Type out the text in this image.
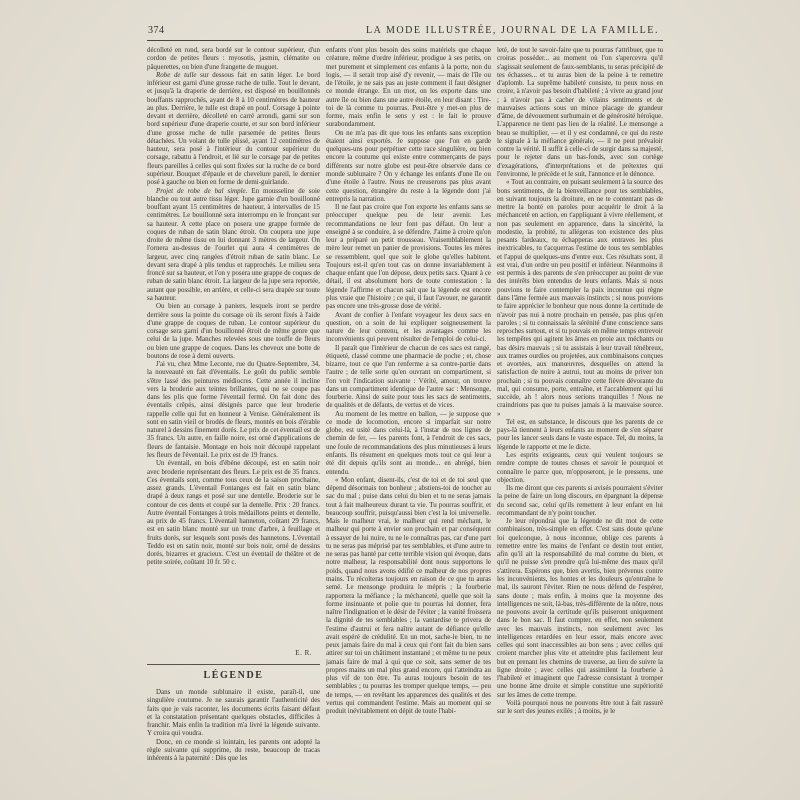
374	LA MODE ILLUSTRÉE, JOURNAL DE LA FAMILLE.

décolleté en rond, sera bordé sur le contour supérieur, d'un cordon de petites fleurs : myosotis, jasmin, clématite ou pâquerettes, ou bien d'une frangette de muguet.

Robe de tulle sur dessous fait en satin léger. Le bord inférieur est garni d'une grosse ruche de tulle. Tout le devant, et jusqu'à la draperie de derrière, est disposé en bouillonnés bouffants rapprochés, ayant de 8 à 10 centimètres de hauteur au plus. Derrière, le tulle est drapé en pouf. Corsage à pointe devant et derrière, décolleté en carré arrondi, garni sur son bord supérieur d'une draperie courte, et sur son bord inférieur d'une grosse ruche de tulle parsemée de petites fleurs détachées. Un volant de tulle plissé, ayant 12 centimètres de hauteur, sera posé à l'intérieur du contour supérieur du corsage, rabattu à l'endroit, et lié sur le corsage par de petites fleurs pareilles à celles qui sont fixées sur la ruche de ce bord supérieur. Bouquet d'épaule et de chevelure pareil, le dernier posé à gauche ou bien en forme de demi-guirlande.

Projet de robe de bal simple. En mousseline de soie blanche ou tout autre tissu léger. Jupe garnie d'un bouillonné bouffant ayant 15 centimètres de hauteur, à intervalles de 15 centimètres. Le bouillonné sera interrompu en le fronçant sur sa hauteur. A cette place on posera une grappe formée de coques de ruban de satin blanc étroit. On coupera une jupe droite de même tissu en lui donnant 3 mètres de largeur. On l'ornera au-dessus de l'ourlet qui aura 4 centimètres de largeur, avec cinq rangées d'étroit ruban de satin blanc. Le devant sera drapé à plis tendus et rapprochés. Le milieu sera froncé sur sa hauteur, et l'on y posera une grappe de coques de ruban de satin blanc étroit. La largeur de la jupe sera reportée, autant que possible, en arrière, et celle-ci sera drapée sur toute sa hauteur.

Ou bien au corsage à paniers, lesquels iront se perdre derrière sous la pointe du corsage où ils seront fixés à l'aide d'une grappe de coques de ruban. Le contour supérieur du corsage sera garni d'un bouillonné étroit de même genre que celui de la jupe. Manches relevées sous une touffe de fleurs ou bien une grappe de coques. Dans les cheveux une botte de boutons de rose à demi ouverts.

J'ai vu, chez Mme Leconte, rue du Quatre-Septembre, 34, la nouveauté en fait d'éventails. Le goût du public semble s'être lassé des peintures médiocres. Cette année il incline vers la broderie aux teintes brillantes, qui ne se coupe pas dans les plis que forme l'éventail fermé. On fait donc des éventails crêpés, ainsi désignés parce que leur broderie rappelle celle qui fut en honneur à Venise. Généralement ils sont en satin vieil or brodés de fleurs, montés en bois d'érable naturel à dessins finement dorés. Le prix de cet éventail est de 35 francs. Un autre, en faille noire, est orné d'applications de fleurs de fantaisie. Montage en bois noir découpé rappelant les fleurs de l'éventail. Le prix est de 19 francs.

Un éventail, en bois d'ébène découpé, est en satin noir avec broderie représentant des fleurs. Le prix est de 35 francs. Ces éventails sont, comme tous ceux de la saison prochaine, assez grands. L'éventail Fontanges est fait en satin blanc drapé à deux rangs et posé sur une dentelle. Broderie sur le contour de ces dents et coupé sur la dentelle. Prix : 20 francs. Autre éventail Fontanges à trois médaillons peints et dentelle, au prix de 45 francs. L'éventail hanneton, coûtant 29 francs, est en satin blanc monté sur un tronc d'arbre, à feuillage et fruits dorés, sur lesquels sont posés des hannetons. L'éventail Teddo est en satin noir, monté sur bois noir, orné de dessins dorés, bizarres et gracieux. C'est un éventail de théâtre et de petite soirée, coûtant 10 fr. 50 c.

E. R.
LÉGENDE

Dans un monde sublunaire il existe, paraît-il, une singulière coutume. Je ne saurais garantir l'authenticité des faits que je vais raconter, les documents écrits faisant défaut et la constatation présentant quelques obstacles, difficiles à franchir. Mais enfin la tradition m'a livré la légende suivante. Y croira qui voudra.

Donc, en ce monde si lointain, les parents ont adopté la règle suivante qui supprime, du reste, beaucoup de tracas inhérents à la paternité : Dès que les

enfants n'ont plus besoin des soins matériels que chaque créature, même d'ordre inférieur, prodigue à ses petits, on met purement et simplement ces enfants à la porte, non du logis, — il serait trop aisé d'y revenir, — mais de l'île ou de l'étoile, je ne sais pas au juste comment il faut désigner ce monde étrange. En un mot, on les exporte dans une autre île ou bien dans une autre étoile, en leur disant : Tire-toi de là comme tu pourras. Peut-être y met-on plus de forme, mais enfin le sens y est : le fait le prouve surabondamment.

On ne m'a pas dit que tous les enfants sans exception étaient ainsi exportés. Je suppose que l'on en garde quelques-uns pour perpétuer cette race singulière, ou bien encore la coutume qui existe entre commerçants de pays différents sur notre globe est peut-être observée dans ce monde sublunaire ? On y échange les enfants d'une île ou d'une étoile à l'autre. Nous ne creuserons pas plus avant cette question, étrangère du reste à la légende dont j'ai entrepris la narration.

Il ne faut pas croire que l'on exporte les enfants sans se préoccuper quelque peu de leur avenir. Les recommandations ne leur font pas défaut. On leur a enseigné à se conduire, à se défendre. J'aime à croire qu'on leur a préparé un petit trousseau. Vraisemblablement la mère leur remet un panier de provisions. Toutes les mères se ressemblent, quel que soit le globe qu'elles habitent. Toujours est-il qu'en tout cas on donne invariablement à chaque enfant que l'on dépose, deux petits sacs. Quant à ce détail, il est absolument hors de toute contestation : la légende l'affirme et chacun sait que la légende est encore plus vraie que l'histoire ; ce qui, il faut l'avouer, ne garantit pas encore une très-grosse dose de vérité.

Avant de confier à l'enfant voyageur les deux sacs en question, on a soin de lui expliquer soigneusement la nature de leur contenu, et les avantages comme les inconvénients qui peuvent résulter de l'emploi de celui-ci.

Il paraît que l'intérieur de chacun de ces sacs est rangé, étiqueté, classé comme une pharmacie de poche ; et, chose bizarre, tout ce que l'un renferme a sa contre-partie dans l'autre ; de telle sorte qu'en ouvrant un compartiment, si l'on voit l'indication suivante : Vérité, amour, on trouve dans un compartiment identique de l'autre sac : Mensonge, fourberie. Ainsi de suite pour tous les sacs de sentiments, de qualités et de défauts, de vertus et de vices.

Au moment de les mettre en ballon, — je suppose que ce mode de locomotion, encore si imparfait sur notre globe, est usité dans celui-là, à l'instar de nos lignes de chemin de fer, — les parents font, à l'endroit de ces sacs, une foule de recommandations des plus minutieuses à leurs enfants. Ils résument en quelques mots tout ce qui leur a été dit depuis qu'ils sont au monde... en abrégé, bien entendu.

« Mon enfant, disent-ils, c'est de toi et de toi seul que dépend désormais ton bonheur ; abstiens-toi de toucher au sac du mal ; puise dans celui du bien et tu ne seras jamais tout à fait malheureux durant ta vie. Tu pourras souffrir, et beaucoup souffrir, puisqu'aussi bien c'est la loi universelle. Mais le malheur vrai, le malheur qui rend méchant, le malheur qui porte à envier son prochain et par conséquent à essayer de lui nuire, tu ne le connaîtras pas, car d'une part tu ne seras pas méprisé par tes semblables, et d'une autre tu ne seras pas hanté par cette terrible vision qui évoque, dans notre malheur, la responsabilité dont nous supportons le poids, quand nous avons édifié ce malheur de nos propres mains. Tu récolteras toujours en raison de ce que tu auras semé. Le mensonge produira le mépris ; la fourberie rapportera la méfiance ; la méchanceté, quelle que soit la forme insinuante et polie que tu pourras lui donner, fera naître l'indignation et le désir de l'éviter ; la vanité froissera la dignité de tes semblables ; la vantardise te privera de l'estime d'autrui et fera naître autant de défiance qu'elle avait espéré de crédulité. En un mot, sache-le bien, tu ne peux jamais faire du mal à ceux qui t'ont fait du bien sans attirer sur toi un châtiment instantané ; et même tu ne peux jamais faire de mal à qui que ce soit, sans semer de tes propres mains un mal plus grand encore, qui t'atteindra au plus vif de ton être. Tu auras toujours besoin de tes semblables ; tu pourras les tromper quelque temps, — peu de temps, — en revêtant les apparences des qualités et des vertus qui commandent l'estime. Mais au moment qui se produit inévitablement en dépit de toute l'habi-

leté, de tout le savoir-faire que tu pourras t'attribuer, que tu croiras posséder... au moment où l'on s'apercevra qu'il s'agissait seulement de faux-semblants, tu seras précipité de tes échasses... et tu auras bien de la peine à te remettre d'aplomb. La suprême habileté consiste, tu peux nous en croire, à n'avoir pas besoin d'habileté ; à vivre au grand jour ; à n'avoir pas à cacher de vilains sentiments et de mauvaises actions sous un mince placage de grandeur d'âme, de dévouement surhumain et de générosité héroïque. L'apparence ne tient pas lieu de la réalité. Le mensonge a beau se multiplier, — et il y est condamné, ce qui du reste le signale à la méfiance générale, — il ne peut prévaloir contre la vérité. Il suffit à celle-ci de surgir dans sa majesté, pour le rejeter dans un bas-fonds, avec son cortège d'exagérations, d'interprétations et de prétextes qui l'environne, le précède et le suit, l'annonce et le dénonce.

« Tout au contraire, en puisant seulement à la source des bons sentiments, de la bienveillance pour tes semblables, en suivant toujours la droiture, en ne te contentant pas de mettre la bonté en paroles pour acquérir le droit à la méchanceté en action, en t'appliquant à vivre réellement, et non pas seulement en apparence, dans la sincérité, la modestie, la probité, tu allégeras ton existence des plus pesants fardeaux, tu échapperas aux entraves les plus inextricables, tu t'acquerras l'estime de tous tes semblables et l'appui de quelques-uns d'entre eux. Ces résultats sont, il est vrai, d'un ordre un peu positif et inférieur. Néanmoins il est permis à des parents de s'en préoccuper au point de vue des intérêts bien entendus de leurs enfants. Mais si nous pouvions te faire contempler la paix inconnue qui règne dans l'âme fermée aux mauvais instincts ; si nous pouvions te faire apprécier le bonheur que nous donne la certitude de n'avoir pas nui à notre prochain en pensée, pas plus qu'en paroles ; si tu connaissais la sérénité d'une conscience sans reproches surtout, et si tu pouvais en même temps entrevoir les tempêtes qui agitent les âmes en proie aux méchants ou bas désirs mauvais ; si tu assistais à leur travail ténébreux, aux trames ourdies ou projetées, aux combinaisons conçues et avortées, aux manœuvres, desquelles on attend la satisfaction de nuire à autrui, tout au moins de priver ton prochain ; si tu pouvais connaître cette fièvre dévorante du mal, qui consume, porte, entraîne, et l'accablement qui lui succède, ah ! alors nous serions tranquilles ! Nous ne craindrions pas que tu puises jamais à la mauvaise source. »

Tel est, en substance, le discours que les parents de ce pays-là tiennent à leurs enfants au moment de s'en séparer pour les lancer seuls dans le vaste espace. Tel, du moins, la légende le rapporte et me le dicte.

Les esprits exigeants, ceux qui veulent toujours se rendre compte de toutes choses et savoir le pourquoi et connaître le parce que, m'opposeront, je le pressens, une objection.

Ils me diront que ces parents si avisés pourraient s'éviter la peine de faire un long discours, en épargnant la dépense du second sac, celui qu'ils remettent à leur enfant en lui recommandant de n'y point toucher.

Je leur répondrai que la légende ne dit mot de cette combinaison, très-simple en effet. C'est sans doute qu'une loi quelconque, à nous inconnue, oblige ces parents à remettre entre les mains de l'enfant ce destin tout entier, afin qu'il ait la responsabilité du mal comme du bien, et qu'il ne puisse s'en prendre qu'à lui-même des maux qu'il s'attirera. Espérons que, bien avertis, bien prévenus contre les inconvénients, les hontes et les douleurs qu'entraîne le mal, ils sauront l'éviter. Rien ne nous défend de l'espérer, sans doute ; mais enfin, à moins que la moyenne des intelligences ne soit, là-bas, très-différente de la nôtre, nous ne pouvons avoir la certitude qu'ils puiseront uniquement dans le bon sac. Il faut compter, en effet, non seulement avec les mauvais instincts, non seulement avec les intelligences retardées en leur essor, mais encore avec celles qui sont inaccessibles au bon sens ; avec celles qui croient marcher plus vite et atteindre plus facilement leur but en prenant les chemins de traverse, au lieu de suivre la ligne droite ; avec celles qui assimilent la fourberie à l'habileté et imaginent que l'adresse consistant à tromper une bonne âme droite et simple constitue une supériorité sur les âmes de cette trempe.

Voilà pourquoi nous ne pouvons être tout à fait rassuré sur le sort des jeunes exilés ; à moins, je le
